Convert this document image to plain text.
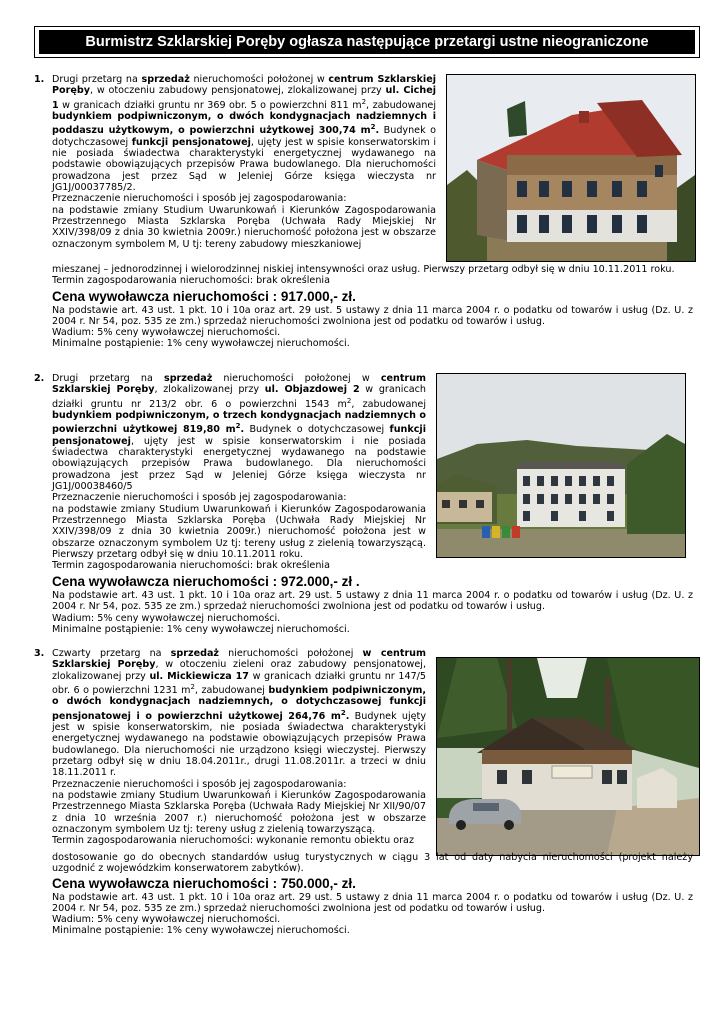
Burmistrz Szklarskiej Poręby ogłasza następujące przetargi ustne nieograniczone
1. Drugi przetarg na sprzedaż nieruchomości położonej w centrum Szklarskiej Poręby, w otoczeniu zabudowy pensjonatowej, zlokalizowanej przy ul. Cichej 1 w granicach działki gruntu nr 369 obr. 5 o powierzchni 811 $m^2$, zabudowanej budynkiem podpiwniczonym, o dwóch kondygnacjach nadziemnych i poddaszu użytkowym, o powierzchni użytkowej 300,74 $m^2$. Budynek o dotychczasowej funkcji pensjonatowej, ujęty jest w spisie konserwatorskim i nie posiada świadectwa charakterystyki energetycznej wydawanego na podstawie obowiązujących przepisów Prawa budowlanego. Dla nieruchomości prowadzona jest przez Sąd w Jeleniej Górze księga wieczysta nr JG1J/00037785/2.

Przeznaczenie nieruchomości i sposób jej zagospodarowania:

na podstawie zmiany Studium Uwarunkowań i Kierunków Zagospodarowania Przestrzennego Miasta Szklarska Poręba (Uchwała Rady Miejskiej Nr XXIV/398/09 z dnia 30 kwietnia 2009r.) nieruchomość położona jest w obszarze oznaczonym symbolem M, U tj: tereny zabudowy mieszkaniowej

mieszanej – jednorodzinnej i wielorodzinnej niskiej intensywności oraz usług. Pierwszy przetarg odbył się w dniu 10.11.2011 roku.

Termin zagospodarowania nieruchomości: brak określenia

Cena wywoławcza nieruchomości : 917.000,- zł.

Na podstawie art. 43 ust. 1 pkt. 10 i 10a oraz art. 29 ust. 5 ustawy z dnia 11 marca 2004 r. o podatku od towarów i usług (Dz. U. z 2004 r. Nr 54, poz. 535 ze zm.) sprzedaż nieruchomości zwolniona jest od podatku od towarów i usług.

Wadium: 5% ceny wywoławczej nieruchomości.

Minimalne postąpienie: 1% ceny wywoławczej nieruchomości.

2. Drugi przetarg na sprzedaż nieruchomości położonej w centrum Szklarskiej Poręby, zlokalizowanej przy ul. Objazdowej 2 w granicach działki gruntu nr 213/2 obr. 6 o powierzchni 1543 $m^2$, zabudowanej budynkiem podpiwniczonym, o trzech kondygnacjach nadziemnych o powierzchni użytkowej 819,80 $m^2$. Budynek o dotychczasowej funkcji pensjonatowej, ujęty jest w spisie konserwatorskim i nie posiada świadectwa charakterystyki energetycznej wydawanego na podstawie obowiązujących przepisów Prawa budowlanego. Dla nieruchomości prowadzona jest przez Sąd w Jeleniej Górze księga wieczysta nr JG1J/00038460/5

Przeznaczenie nieruchomości i sposób jej zagospodarowania:

na podstawie zmiany Studium Uwarunkowań i Kierunków Zagospodarowania Przestrzennego Miasta Szklarska Poręba (Uchwała Rady Miejskiej Nr XXIV/398/09 z dnia 30 kwietnia 2009r.) nieruchomość położona jest w obszarze oznaczonym symbolem Uz tj: tereny usług z zielenią towarzyszącą. Pierwszy przetarg odbył się w dniu 10.11.2011 roku.

Termin zagospodarowania nieruchomości: brak określenia

Cena wywoławcza nieruchomości : 972.000,- zł .

Na podstawie art. 43 ust. 1 pkt. 10 i 10a oraz art. 29 ust. 5 ustawy z dnia 11 marca 2004 r. o podatku od towarów i usług (Dz. U. z 2004 r. Nr 54, poz. 535 ze zm.) sprzedaż nieruchomości zwolniona jest od podatku od towarów i usług.

Wadium: 5% ceny wywoławczej nieruchomości.

Minimalne postąpienie: 1% ceny wywoławczej nieruchomości.

3. Czwarty przetarg na sprzedaż nieruchomości położonej w centrum Szklarskiej Poręby, w otoczeniu zieleni oraz zabudowy pensjonatowej, zlokalizowanej przy ul. Mickiewicza 17 w granicach działki gruntu nr 147/5 obr. 6 o powierzchni 1231 $m^2$, zabudowanej budynkiem podpiwniczonym, o dwóch kondygnacjach nadziemnych, o dotychczasowej funkcji pensjonatowej i o powierzchni użytkowej 264,76 $m^2$. Budynek ujęty jest w spisie konserwatorskim, nie posiada świadectwa charakterystyki energetycznej wydawanego na podstawie obowiązujących przepisów Prawa budowlanego. Dla nieruchomości nie urządzono księgi wieczystej. Pierwszy przetarg odbył się w dniu 18.04.2011r., drugi 11.08.2011r. a trzeci w dniu 18.11.2011 r.

Przeznaczenie nieruchomości i sposób jej zagospodarowania:

na podstawie zmiany Studium Uwarunkowań i Kierunków Zagospodarowania Przestrzennego Miasta Szklarska Poręba (Uchwała Rady Miejskiej Nr XII/90/07 z dnia 10 września 2007 r.) nieruchomość położona jest w obszarze oznaczonym symbolem Uz tj: tereny usług z zielenią towarzyszącą.

Termin zagospodarowania nieruchomości: wykonanie remontu obiektu oraz

dostosowanie go do obecnych standardów usług turystycznych w ciągu 3 lat od daty nabycia nieruchomości (projekt należy uzgodnić z wojewódzkim konserwatorem zabytków).

Cena wywoławcza nieruchomości : 750.000,- zł.

Na podstawie art. 43 ust. 1 pkt. 10 i 10a oraz art. 29 ust. 5 ustawy z dnia 11 marca 2004 r. o podatku od towarów i usług (Dz. U. z 2004 r. Nr 54, poz. 535 ze zm.) sprzedaż nieruchomości zwolniona jest od podatku od towarów i usług.

Wadium: 5% ceny wywoławczej nieruchomości.

Minimalne postąpienie: 1% ceny wywoławczej nieruchomości.
